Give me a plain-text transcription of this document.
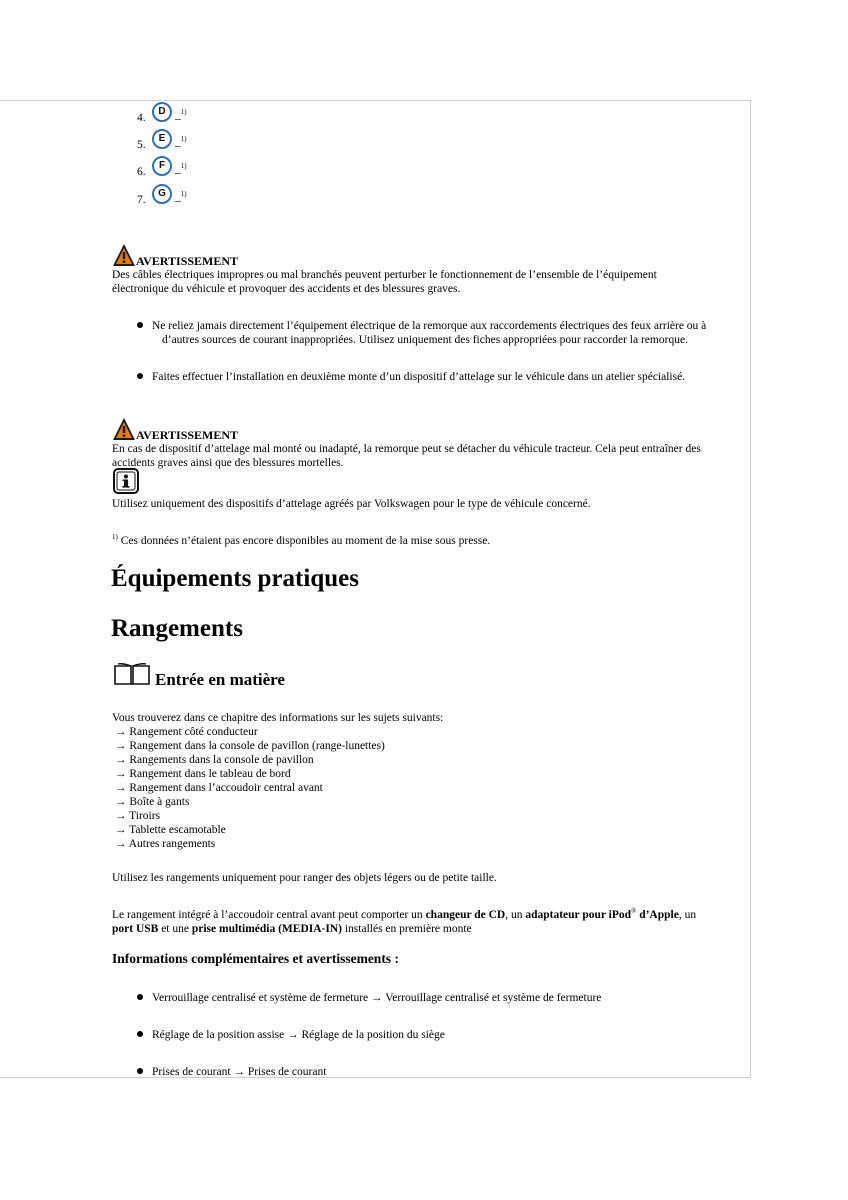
4.
D _$^{1)}$
5.
E _$^{1)}$
6.
F _$^{1)}$
7.
G _$^{1)}$
AVERTISSEMENT
Des câbles électriques impropres ou mal branchés peuvent perturber le fonctionnement de l’ensemble de l’équipement
électronique du véhicule et provoquer des accidents et des blessures graves.
Ne reliez jamais directement l’équipement électrique de la remorque aux raccordements électriques des feux arrière ou à
d’autres sources de courant inappropriées. Utilisez uniquement des fiches appropriées pour raccorder la remorque.
Faites effectuer l’installation en deuxième monte d’un dispositif d’attelage sur le véhicule dans un atelier spécialisé.
AVERTISSEMENT
En cas de dispositif d’attelage mal monté ou inadapté, la remorque peut se détacher du véhicule tracteur. Cela peut entraîner des
accidents graves ainsi que des blessures mortelles.
Utilisez uniquement des dispositifs d’attelage agréés par Volkswagen pour le type de véhicule concerné.
$^{1)}$ Ces données n’étaient pas encore disponibles au moment de la mise sous presse.
Équipements pratiques
Rangements
Entrée en matière
Vous trouverez dans ce chapitre des informations sur les sujets suivants:
→ Rangement côté conducteur
→ Rangement dans la console de pavillon (range-lunettes)
→ Rangements dans la console de pavillon
→ Rangement dans le tableau de bord
→ Rangement dans l’accoudoir central avant
→ Boîte à gants
→ Tiroirs
→ Tablette escamotable
→ Autres rangements
Utilisez les rangements uniquement pour ranger des objets légers ou de petite taille.
Le rangement intégré à l’accoudoir central avant peut comporter un changeur de CD, un adaptateur pour iPod® d’Apple, un
port USB et une prise multimédia (MEDIA-IN) installés en première monte
Informations complémentaires et avertissements :
Verrouillage centralisé et système de fermeture → Verrouillage centralisé et système de fermeture
Réglage de la position assise → Réglage de la position du siège
Prises de courant → Prises de courant
